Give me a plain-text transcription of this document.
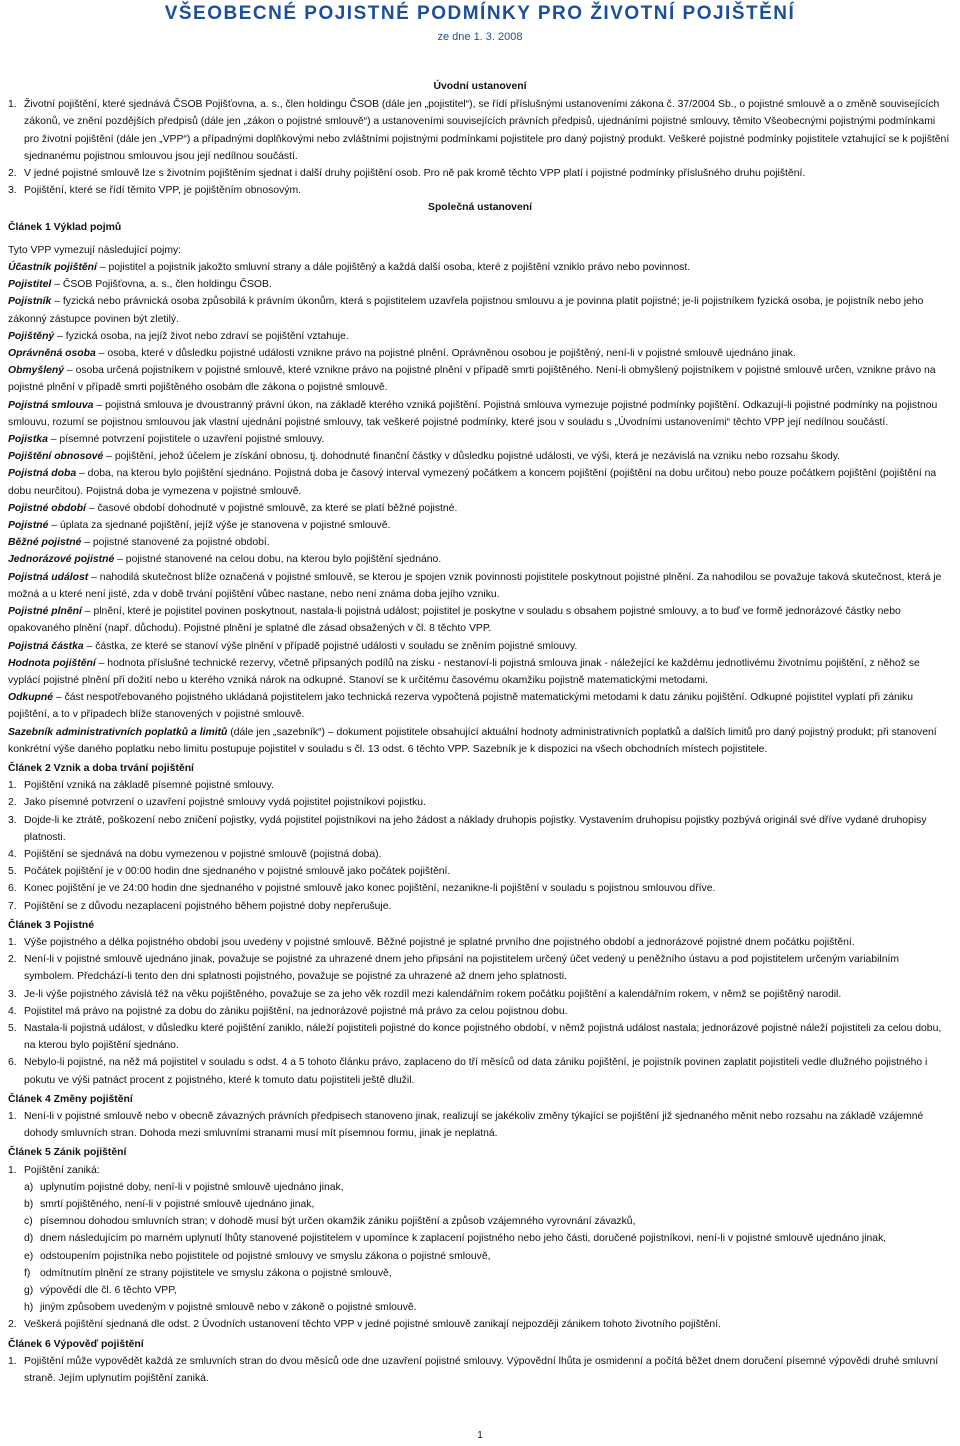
VŠEOBECNÉ POJISTNÉ PODMÍNKY PRO ŽIVOTNÍ POJIŠTĚNÍ
ze dne 1. 3. 2008

Úvodní ustanovení

1. Životní pojištění, které sjednává ČSOB Pojišťovna, a. s., člen holdingu ČSOB (dále jen „pojistitel“), se řídí příslušnými ustanoveními zákona č. 37/2004 Sb., o pojistné smlouvě a o změně souvisejících zákonů, ve znění pozdějších předpisů (dále jen „zákon o pojistné smlouvě“) a ustanoveními souvisejících právních předpisů, ujednáními pojistné smlouvy, těmito Všeobecnými pojistnými podmínkami pro životní pojištění (dále jen „VPP“) a případnými doplňkovými nebo zvláštními pojistnými podmínkami pojistitele pro daný pojistný produkt. Veškeré pojistné podmínky pojistitele vztahující se k pojištění sjednanému pojistnou smlouvou jsou její nedílnou součástí.

2. V jedné pojistné smlouvě lze s životním pojištěním sjednat i další druhy pojištění osob. Pro ně pak kromě těchto VPP platí i pojistné podmínky příslušného druhu pojištění.

3. Pojištění, které se řídí těmito VPP, je pojištěním obnosovým.

Společná ustanovení

Článek 1 Výklad pojmů

Tyto VPP vymezují následující pojmy:

Účastník pojištění – pojistitel a pojistník jakožto smluvní strany a dále pojištěný a každá další osoba, které z pojištění vzniklo právo nebo povinnost.

Pojistitel – ČSOB Pojišťovna, a. s., člen holdingu ČSOB.

Pojistník – fyzická nebo právnická osoba způsobilá k právním úkonům, která s pojistitelem uzavřela pojistnou smlouvu a je povinna platit pojistné; je-li pojistníkem fyzická osoba, je pojistník nebo jeho zákonný zástupce povinen být zletilý.

Pojištěný – fyzická osoba, na jejíž život nebo zdraví se pojištění vztahuje.

Oprávněná osoba – osoba, které v důsledku pojistné události vznikne právo na pojistné plnění. Oprávněnou osobou je pojištěný, není-li v pojistné smlouvě ujednáno jinak.

Obmyšlený – osoba určená pojistníkem v pojistné smlouvě, které vznikne právo na pojistné plnění v případě smrti pojištěného. Není-li obmyšlený pojistníkem v pojistné smlouvě určen, vznikne právo na pojistné plnění v případě smrti pojištěného osobám dle zákona o pojistné smlouvě.

Pojistná smlouva – pojistná smlouva je dvoustranný právní úkon, na základě kterého vzniká pojištění. Pojistná smlouva vymezuje pojistné podmínky pojištění. Odkazují-li pojistné podmínky na pojistnou smlouvu, rozumí se pojistnou smlouvou jak vlastní ujednání pojistné smlouvy, tak veškeré pojistné podmínky, které jsou v souladu s „Úvodními ustanoveními“ těchto VPP její nedílnou součástí.

Pojistka – písemné potvrzení pojistitele o uzavření pojistné smlouvy.

Pojištění obnosové – pojištění, jehož účelem je získání obnosu, tj. dohodnuté finanční částky v důsledku pojistné události, ve výši, která je nezávislá na vzniku nebo rozsahu škody.

Pojistná doba – doba, na kterou bylo pojištění sjednáno. Pojistná doba je časový interval vymezený počátkem a koncem pojištění (pojištění na dobu určitou) nebo pouze počátkem pojištění (pojištění na dobu neurčitou). Pojistná doba je vymezena v pojistné smlouvě.

Pojistné období – časové období dohodnuté v pojistné smlouvě, za které se platí běžné pojistné.

Pojistné – úplata za sjednané pojištění, jejíž výše je stanovena v pojistné smlouvě.

Běžné pojistné – pojistné stanovené za pojistné období.

Jednorázové pojistné – pojistné stanovené na celou dobu, na kterou bylo pojištění sjednáno.

Pojistná událost – nahodilá skutečnost blíže označená v pojistné smlouvě, se kterou je spojen vznik povinnosti pojistitele poskytnout pojistné plnění. Za nahodilou se považuje taková skutečnost, která je možná a u které není jisté, zda v době trvání pojištění vůbec nastane, nebo není známa doba jejího vzniku.

Pojistné plnění – plnění, které je pojistitel povinen poskytnout, nastala-li pojistná událost; pojistitel je poskytne v souladu s obsahem pojistné smlouvy, a to buď ve formě jednorázové částky nebo opakovaného plnění (např. důchodu). Pojistné plnění je splatné dle zásad obsažených v čl. 8 těchto VPP.

Pojistná částka – částka, ze které se stanoví výše plnění v případě pojistné události v souladu se zněním pojistné smlouvy.

Hodnota pojištění – hodnota příslušné technické rezervy, včetně připsaných podílů na zisku - nestanoví-li pojistná smlouva jinak - náležející ke každému jednotlivému životnímu pojištění, z něhož se vyplácí pojistné plnění při dožití nebo u kterého vzniká nárok na odkupné. Stanoví se k určitému časovému okamžiku pojistně matematickými metodami.

Odkupné – část nespotřebovaného pojistného ukládaná pojistitelem jako technická rezerva vypočtená pojistně matematickými metodami k datu zániku pojištění. Odkupné pojistitel vyplatí při zániku pojištění, a to v případech blíže stanovených v pojistné smlouvě.

Sazebník administrativních poplatků a limitů (dále jen „sazebník“) – dokument pojistitele obsahující aktuální hodnoty administrativních poplatků a dalších limitů pro daný pojistný produkt; při stanovení konkrétní výše daného poplatku nebo limitu postupuje pojistitel v souladu s čl. 13 odst. 6 těchto VPP. Sazebník je k dispozici na všech obchodních místech pojistitele.

Článek 2 Vznik a doba trvání pojištění

1. Pojištění vzniká na základě písemné pojistné smlouvy.

2. Jako písemné potvrzení o uzavření pojistné smlouvy vydá pojistitel pojistníkovi pojistku.

3. Dojde-li ke ztrátě, poškození nebo zničení pojistky, vydá pojistitel pojistníkovi na jeho žádost a náklady druhopis pojistky. Vystavením druhopisu pojistky pozbývá originál své dříve vydané druhopisy platnosti.

4. Pojištění se sjednává na dobu vymezenou v pojistné smlouvě (pojistná doba).

5. Počátek pojištění je v 00:00 hodin dne sjednaného v pojistné smlouvě jako počátek pojištění.

6. Konec pojištění je ve 24:00 hodin dne sjednaného v pojistné smlouvě jako konec pojištění, nezanikne-li pojištění v souladu s pojistnou smlouvou dříve.

7. Pojištění se z důvodu nezaplacení pojistného během pojistné doby nepřerušuje.

Článek 3 Pojistné

1. Výše pojistného a délka pojistného období jsou uvedeny v pojistné smlouvě. Běžné pojistné je splatné prvního dne pojistného období a jednorázové pojistné dnem počátku pojištění.

2. Není-li v pojistné smlouvě ujednáno jinak, považuje se pojistné za uhrazené dnem jeho připsání na pojistitelem určený účet vedený u peněžního ústavu a pod pojistitelem určeným variabilním symbolem. Předchází-li tento den dni splatnosti pojistného, považuje se pojistné za uhrazené až dnem jeho splatnosti.

3. Je-li výše pojistného závislá též na věku pojištěného, považuje se za jeho věk rozdíl mezi kalendářním rokem počátku pojištění a kalendářním rokem, v němž se pojištěný narodil.

4. Pojistitel má právo na pojistné za dobu do zániku pojištění, na jednorázové pojistné má právo za celou pojistnou dobu.

5. Nastala-li pojistná událost, v důsledku které pojištění zaniklo, náleží pojistiteli pojistné do konce pojistného období, v němž pojistná událost nastala; jednorázové pojistné náleží pojistiteli za celou dobu, na kterou bylo pojištění sjednáno.

6. Nebylo-li pojistné, na něž má pojistitel v souladu s odst. 4 a 5 tohoto článku právo, zaplaceno do tří měsíců od data zániku pojištění, je pojistník povinen zaplatit pojistiteli vedle dlužného pojistného i pokutu ve výši patnáct procent z pojistného, které k tomuto datu pojistiteli ještě dlužil.

Článek 4 Změny pojištění

1. Není-li v pojistné smlouvě nebo v obecně závazných právních předpisech stanoveno jinak, realizují se jakékoliv změny týkající se pojištění již sjednaného měnit nebo rozsahu na základě vzájemné dohody smluvních stran. Dohoda mezi smluvními stranami musí mít písemnou formu, jinak je neplatná.

Článek 5 Zánik pojištění

1. Pojištění zaniká:

a) uplynutím pojistné doby, není-li v pojistné smlouvě ujednáno jinak,

b) smrtí pojištěného, není-li v pojistné smlouvě ujednáno jinak,

c) písemnou dohodou smluvních stran; v dohodě musí být určen okamžik zániku pojištění a způsob vzájemného vyrovnání závazků,

d) dnem následujícím po marném uplynutí lhůty stanovené pojistitelem v upomínce k zaplacení pojistného nebo jeho části, doručené pojistníkovi, není-li v pojistné smlouvě ujednáno jinak,

e) odstoupením pojistníka nebo pojistitele od pojistné smlouvy ve smyslu zákona o pojistné smlouvě,

f) odmítnutím plnění ze strany pojistitele ve smyslu zákona o pojistné smlouvě,

g) výpovědí dle čl. 6 těchto VPP,

h) jiným způsobem uvedeným v pojistné smlouvě nebo v zákoně o pojistné smlouvě.

2. Veškerá pojištění sjednaná dle odst. 2 Úvodních ustanovení těchto VPP v jedné pojistné smlouvě zanikají nejpozději zánikem tohoto životního pojištění.

Článek 6 Výpověď pojištění

1. Pojištění může vypovědět každá ze smluvních stran do dvou měsíců ode dne uzavření pojistné smlouvy. Výpovědní lhůta je osmidenní a počítá běžet dnem doručení písemné výpovědi druhé smluvní straně. Jejím uplynutím pojištění zaniká.

1
